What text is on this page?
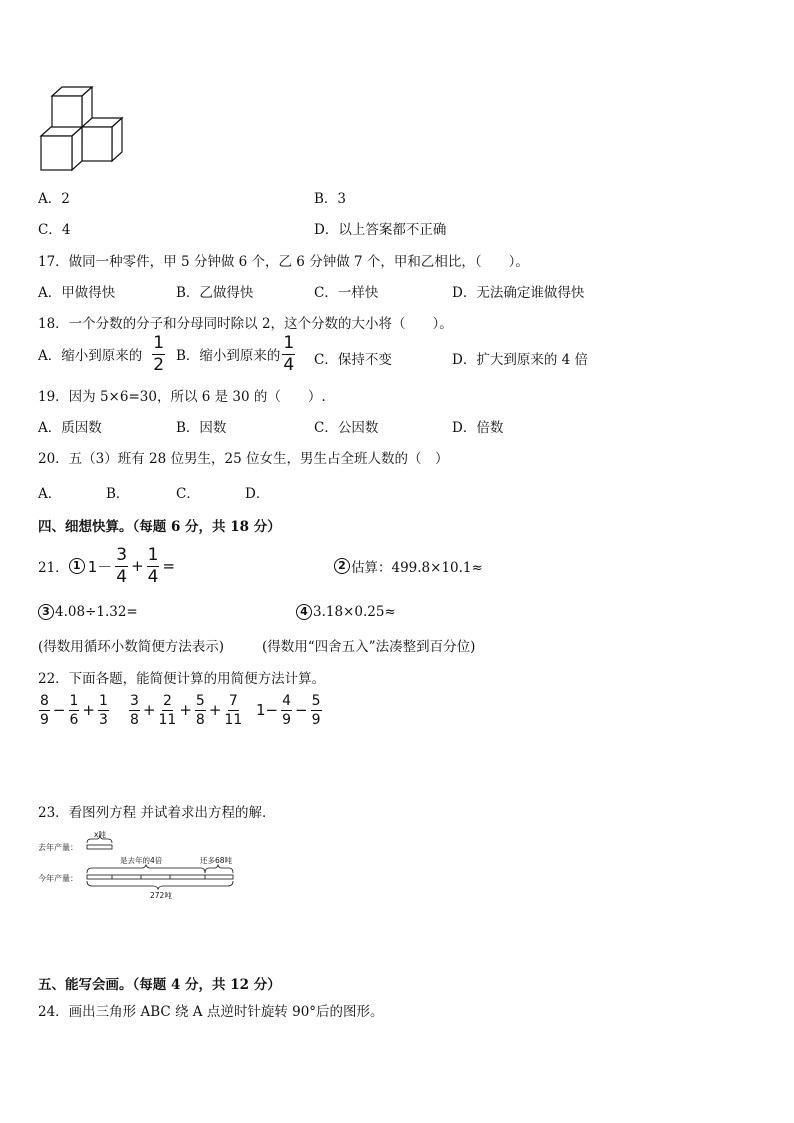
A．2	B．3
C．4	D．以上答案都不正确
17．做同一种零件，甲 5 分钟做 6 个，乙 6 分钟做 7 个，甲和乙相比，（　　）。
A．甲做得快	B．乙做得快	C．一样快	D．无法确定谁做得快
18．一个分数的分子和分母同时除以 2，这个分数的大小将（　　）。
A．缩小到原来的 $\frac{1}{2}$ B．缩小到原来的 $\frac{1}{4}$ C．保持不变	D．扩大到原来的 4 倍
19．因为 5×6=30，所以 6 是 30 的（　　）.
A．质因数	B．因数	C．公因数	D．倍数
20．五（3）班有 28 位男生，25 位女生，男生占全班人数的（　）
A．	B．	C．	D．
四、细想快算。（每题 6 分，共 18 分）
21． 1 $1- \frac{3}{4} + \frac{1}{4}$ =	2 估算：499.8×10.1≈
3 4.08÷1.32=	4 3.18×0.25≈
(得数用循环小数简便方法表示)	(得数用“四舍五入”法凑整到百分位)
22．下面各题，能简便计算的用简便方法计算。
$\frac{8}{9} - \frac{1}{6} + \frac{1}{3} \frac{3}{8} + \frac{2}{11} + \frac{5}{8} + \frac{7}{11} 1- \frac{4}{9} - \frac{5}{9}$
23．看图列方程 并试着求出方程的解．
去年产量：
x吨
今年产量：
是去年的4倍	还多68吨
272吨
五、能写会画。（每题 4 分，共 12 分）
24．画出三角形 ABC 绕 A 点逆时针旋转 90°后的图形。
